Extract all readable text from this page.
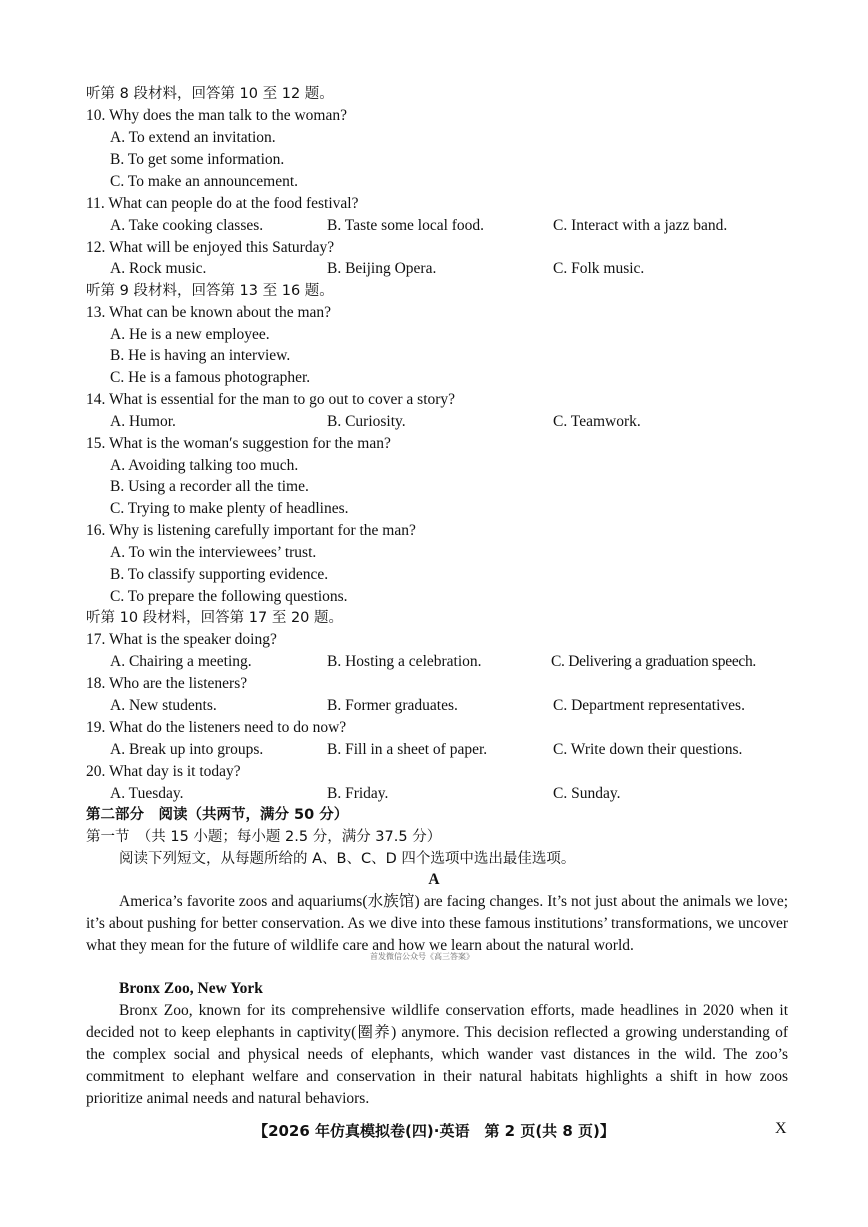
听第 8 段材料，回答第 10 至 12 题。
10. Why does the man talk to the woman?
A. To extend an invitation.
B. To get some information.
C. To make an announcement.
11. What can people do at the food festival?
A. Take cooking classes.	B. Taste some local food.	C. Interact with a jazz band.
12. What will be enjoyed this Saturday?
A. Rock music.	B. Beijing Opera.	C. Folk music.
听第 9 段材料，回答第 13 至 16 题。
13. What can be known about the man?
A. He is a new employee.
B. He is having an interview.
C. He is a famous photographer.
14. What is essential for the man to go out to cover a story?
A. Humor.	B. Curiosity.	C. Teamwork.
15. What is the woman′s suggestion for the man?
A. Avoiding talking too much.
B. Using a recorder all the time.
C. Trying to make plenty of headlines.
16. Why is listening carefully important for the man?
A. To win the interviewees’ trust.
B. To classify supporting evidence.
C. To prepare the following questions.
听第 10 段材料，回答第 17 至 20 题。
17. What is the speaker doing?
A. Chairing a meeting.	B. Hosting a celebration.	C. Delivering a graduation speech.
18. Who are the listeners?
A. New students.	B. Former graduates.	C. Department representatives.
19. What do the listeners need to do now?
A. Break up into groups.	B. Fill in a sheet of paper.	C. Write down their questions.
20. What day is it today?
A. Tuesday.	B. Friday.	C. Sunday.
第二部分　阅读（共两节，满分 50 分）
第一节　（共 15 小题；每小题 2.5 分，满分 37.5 分）
阅读下列短文，从每题所给的 A、B、C、D 四个选项中选出最佳选项。
A
America’s favorite zoos and aquariums(水族馆) are facing changes. It’s not just about the animals we love; it’s about pushing for better conservation. As we dive into these famous institutions’ transformations, we uncover what they mean for the future of wildlife care and how we learn about the natural world.
首发微信公众号《高三答案》
Bronx Zoo, New York
Bronx Zoo, known for its comprehensive wildlife conservation efforts, made headlines in 2020 when it decided not to keep elephants in captivity(圈养) anymore. This decision reflected a growing understanding of the complex social and physical needs of elephants, which wander vast distances in the wild. The zoo’s commitment to elephant welfare and conservation in their natural habitats highlights a shift in how zoos prioritize animal needs and natural behaviors.
【2026 年仿真模拟卷(四)·英语　第 2 页(共 8 页)】	X
